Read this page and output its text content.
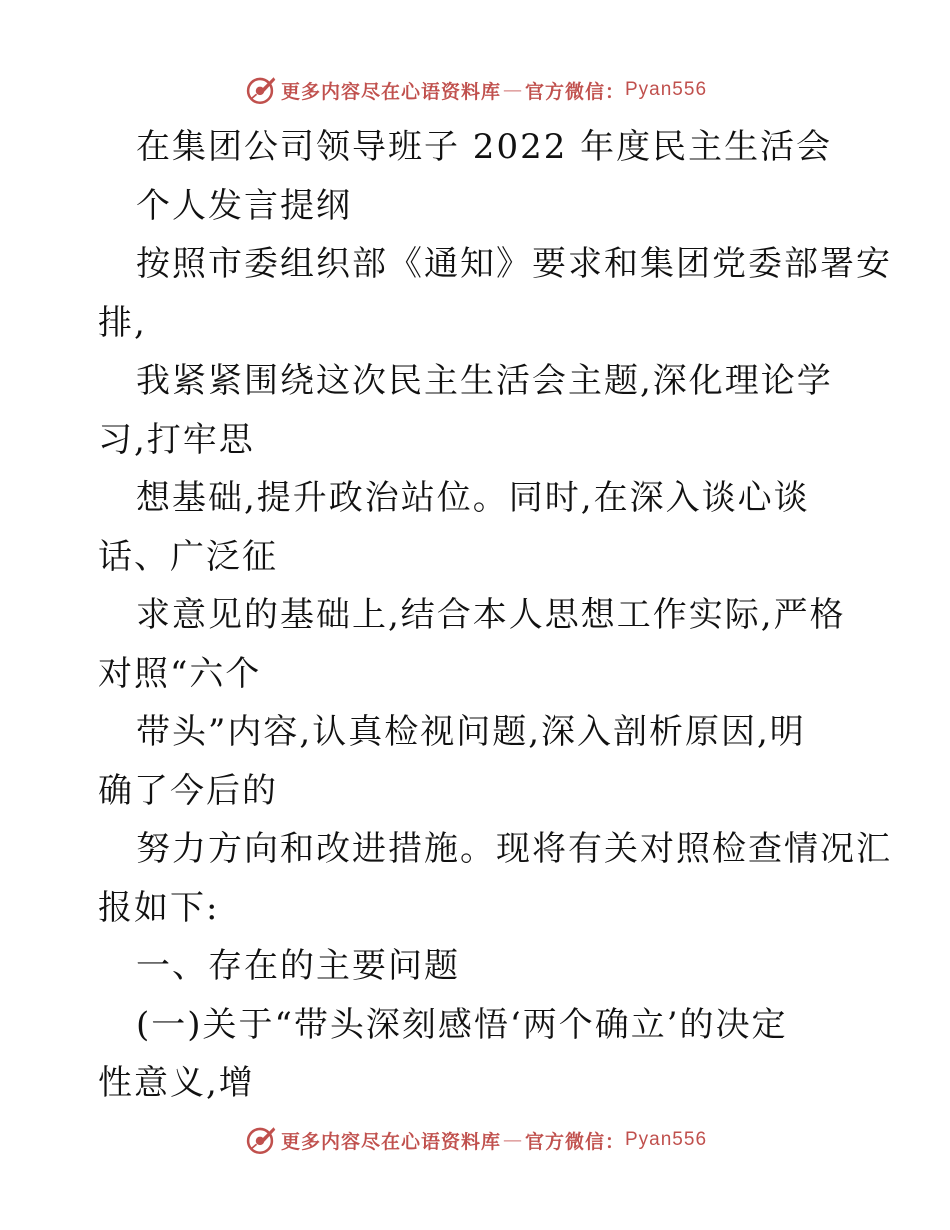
更多内容尽在心语资料库 — 官方微信： Pyan556
在集团公司领导班子 2022 年度民主生活会
个人发言提纲
按照市委组织部《通知》要求和集团党委部署安
排,
我紧紧围绕这次民主生活会主题,深化理论学
习,打牢思
想基础,提升政治站位。同时,在深入谈心谈
话、广泛征
求意见的基础上,结合本人思想工作实际,严格
对照“六个
带头”内容,认真检视问题,深入剖析原因,明
确了今后的
努力方向和改进措施。现将有关对照检查情况汇
报如下:
一、存在的主要问题
(一)关于“带头深刻感悟‘两个确立’的决定
性意义,增
更多内容尽在心语资料库 — 官方微信： Pyan556
